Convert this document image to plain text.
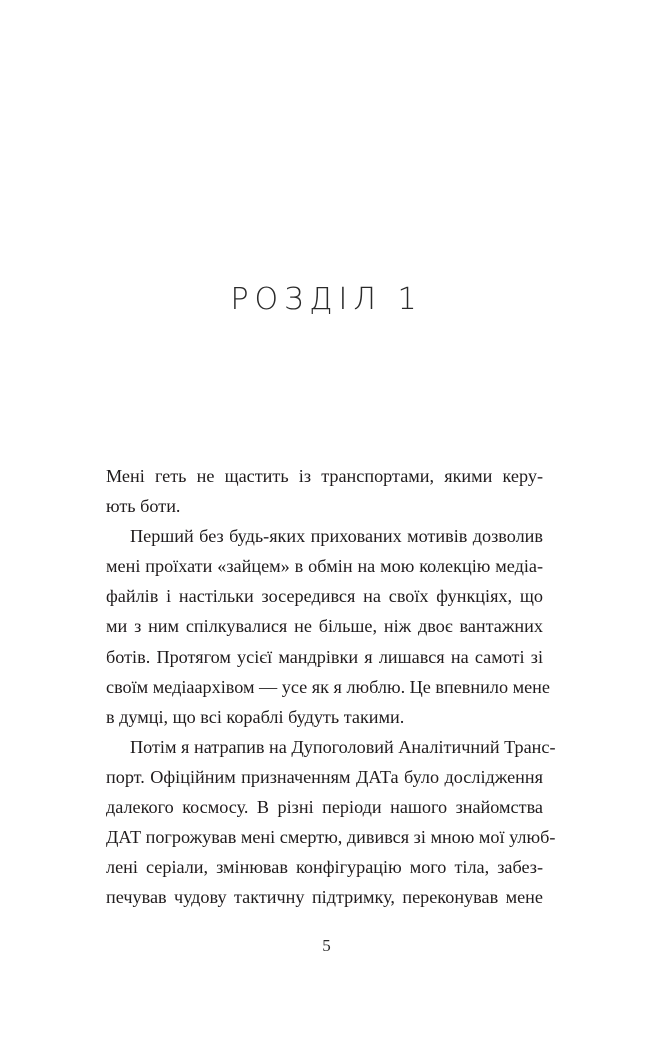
РОЗДІЛ 1
Мені геть не щастить із транспортами, якими керу-
ють боти.
Перший без будь-яких прихованих мотивів дозволив
мені проїхати «зайцем» в обмін на мою колекцію медіа-
файлів і настільки зосередився на своїх функціях, що
ми з ним спілкувалися не більше, ніж двоє вантажних
ботів. Протягом усієї мандрівки я лишався на самоті зі
своїм медіаархівом — усе як я люблю. Це впевнило мене
в думці, що всі кораблі будуть такими.
Потім я натрапив на Дупоголовий Аналітичний Транс-
порт. Офіційним призначенням ДАТа було дослідження
далекого космосу. В різні періоди нашого знайомства
ДАТ погрожував мені смертю, дивився зі мною мої улюб-
лені серіали, змінював конфігурацію мого тіла, забез-
печував чудову тактичну підтримку, переконував мене
5
